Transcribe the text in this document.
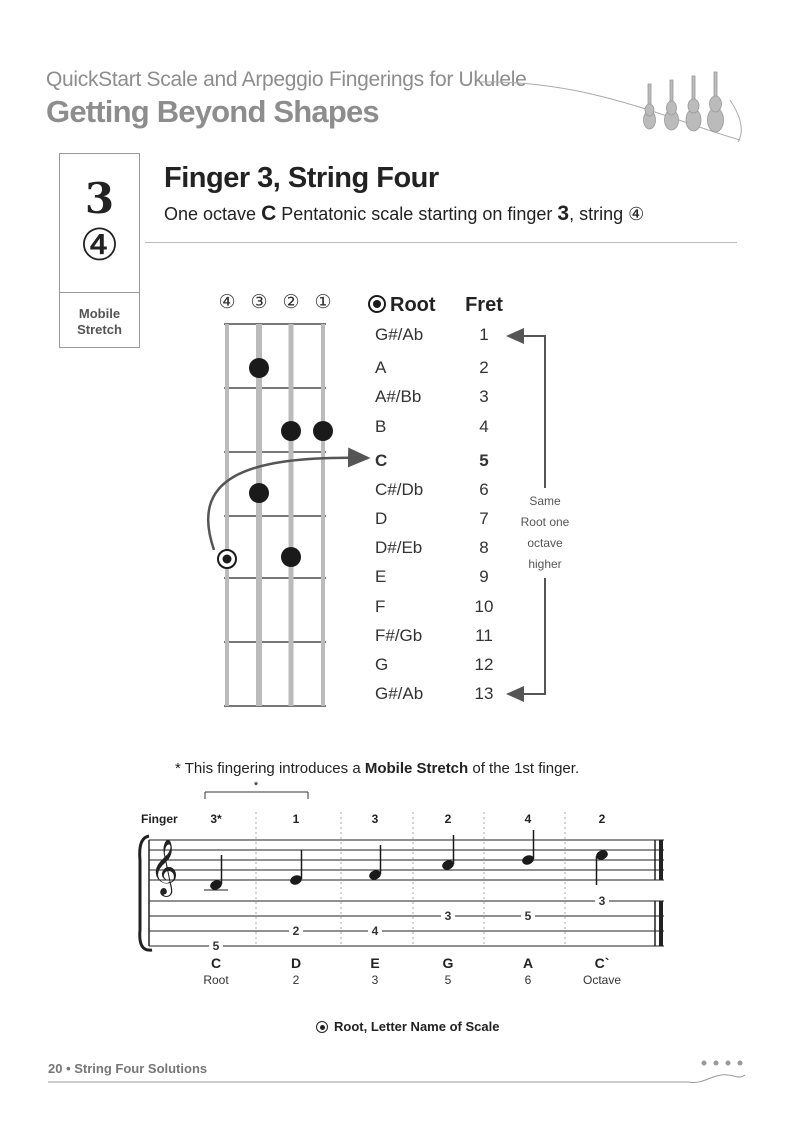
QuickStart Scale and Arpeggio Fingerings for Ukulele
Getting Beyond Shapes
3
④
Mobile
Stretch
Finger 3, String Four
One octave C Pentatonic scale starting on finger 3, string ④
④ ③ ② ①	Root Fret
G#/Ab
A
A#/Bb
B
C
C#/Db
D
D#/Eb
E
F
F#/Gb
G
G#/Ab
1
2
3
4
5
6
7
8
9
10
11
12
13
Same
Root one
octave
higher
* This fingering introduces a Mobile Stretch of the 1st finger.
*
Finger
𝄞
3*
5
C
Root
1
2
D
2
3
4
E
3
2
3
G
5
4
5
A
6
2
3
C`
Octave
Root, Letter Name of Scale
20 • String Four Solutions
